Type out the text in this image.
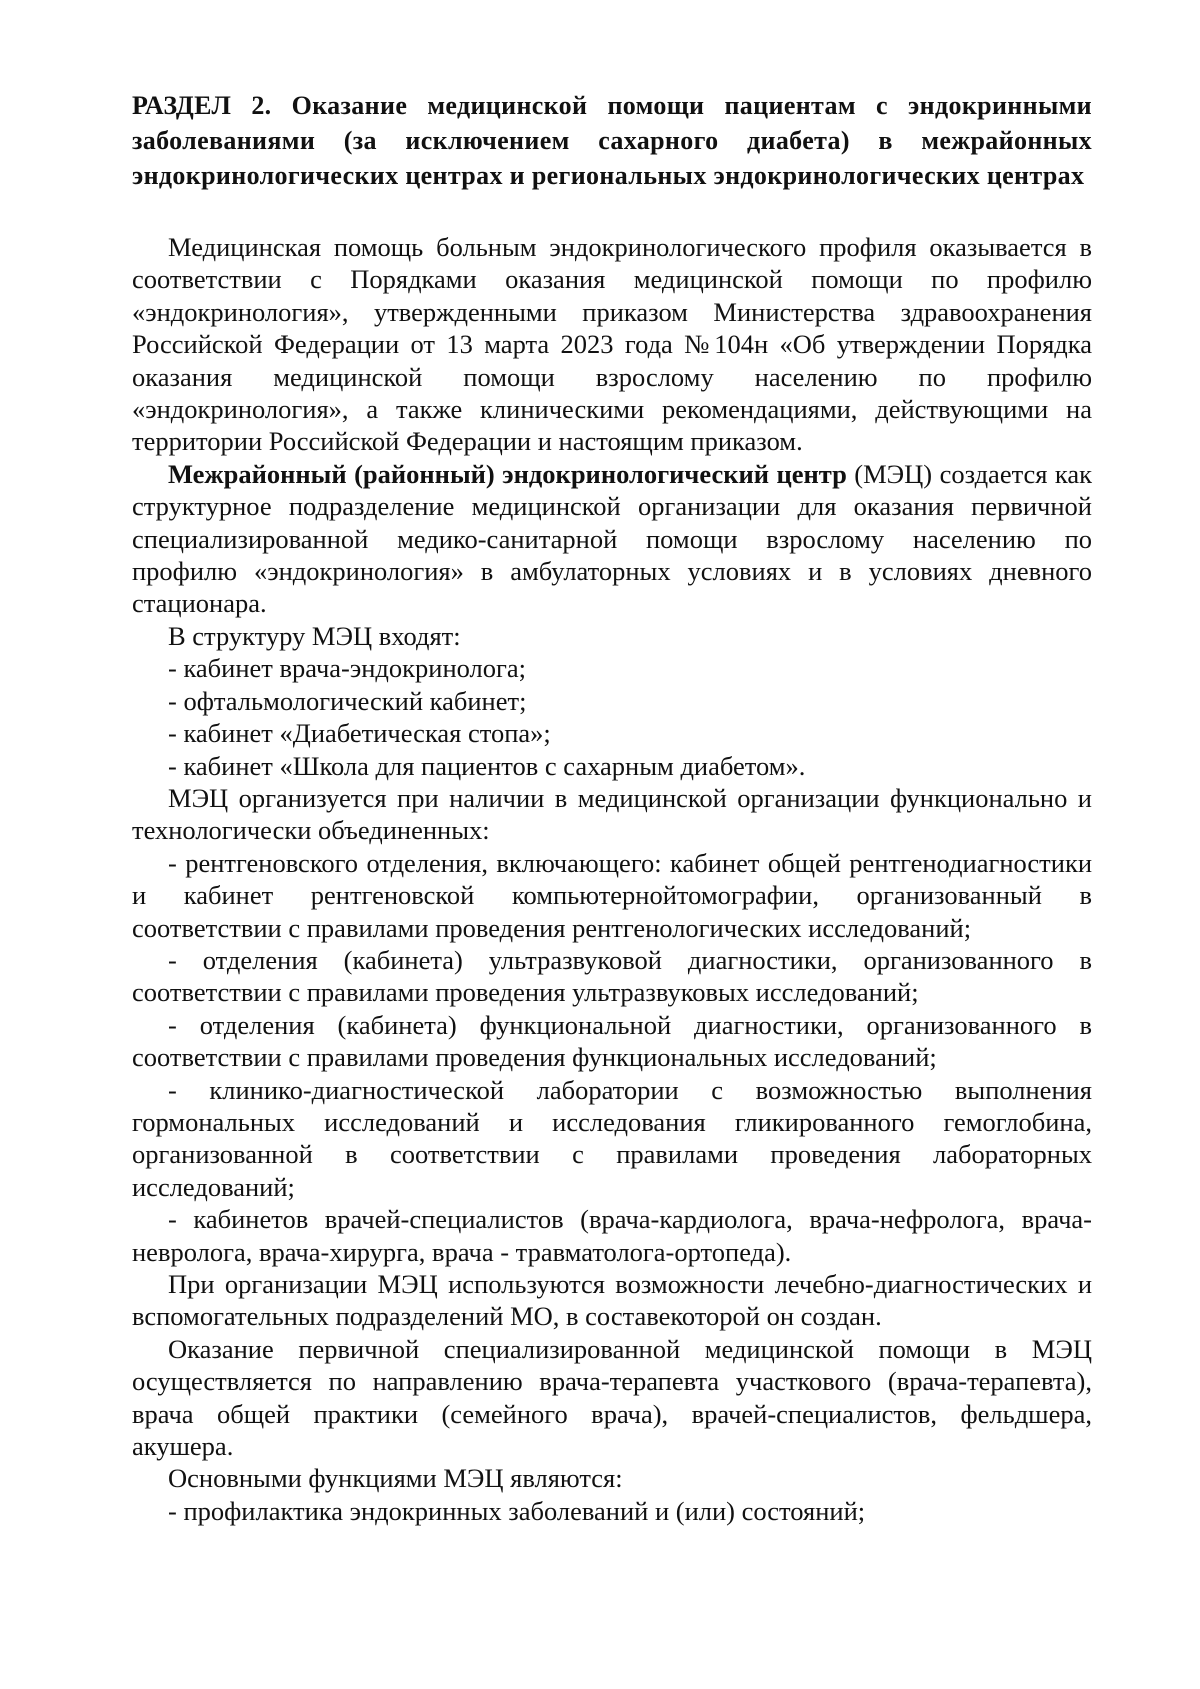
РАЗДЕЛ 2. Оказание медицинской помощи пациентам с эндокринными заболеваниями (за исключением сахарного диабета) в межрайонных эндокринологических центрах и региональных эндокринологических центрах

Медицинская помощь больным эндокринологического профиля оказывается в соответствии с Порядками оказания медицинской помощи по профилю «эндокринология», утвержденными приказом Министерства здравоохранения Российской Федерации от 13 марта 2023 года №104н «Об утверждении Порядка оказания медицинской помощи взрослому населению по профилю «эндокринология», а также клиническими рекомендациями, действующими на территории Российской Федерации и настоящим приказом.

Межрайонный (районный) эндокринологический центр (МЭЦ) создается как структурное подразделение медицинской организации для оказания первичной специализированной медико-санитарной помощи взрослому населению по профилю «эндокринология» в амбулаторных условиях и в условиях дневного стационара.

В структуру МЭЦ входят:

- кабинет врача-эндокринолога;

- офтальмологический кабинет;

- кабинет «Диабетическая стопа»;

- кабинет «Школа для пациентов с сахарным диабетом».

МЭЦ организуется при наличии в медицинской организации функционально и технологически объединенных:

- рентгеновского отделения, включающего: кабинет общей рентгенодиагностики и кабинет рентгеновской компьютернойтомографии, организованный в соответствии с правилами проведения рентгенологических исследований;

- отделения (кабинета) ультразвуковой диагностики, организованного в соответствии с правилами проведения ультразвуковых исследований;

- отделения (кабинета) функциональной диагностики, организованного в соответствии с правилами проведения функциональных исследований;

- клинико-диагностической лаборатории с возможностью выполнения гормональных исследований и исследования гликированного гемоглобина, организованной в соответствии с правилами проведения лабораторных исследований;

- кабинетов врачей-специалистов (врача-кардиолога, врача-нефролога, врача-невролога, врача-хирурга, врача - травматолога-ортопеда).

При организации МЭЦ используются возможности лечебно-диагностических и вспомогательных подразделений МО, в составекоторой он создан.

Оказание первичной специализированной медицинской помощи в МЭЦ осуществляется по направлению врача-терапевта участкового (врача-терапевта), врача общей практики (семейного врача), врачей-специалистов, фельдшера, акушера.

Основными функциями МЭЦ являются:

- профилактика эндокринных заболеваний и (или) состояний;
